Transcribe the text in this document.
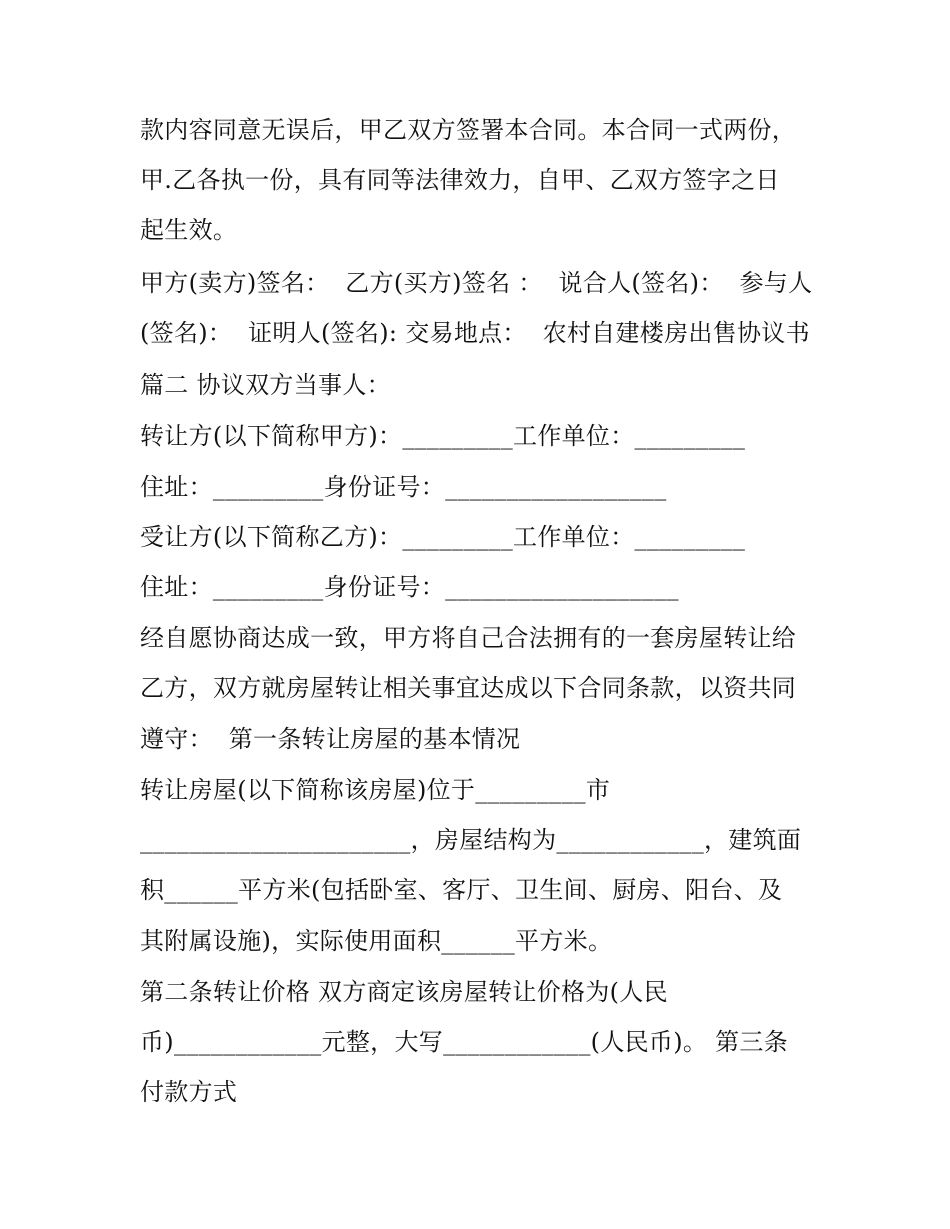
款内容同意无误后，甲乙双方签署本合同。本合同一式两份，

甲.乙各执一份，具有同等法律效力，自甲、乙双方签字之日

起生效。

甲方(卖方)签名：  乙方(买方)签名 ：  说合人(签名)：  参与人

(签名)：  证明人(签名): 交易地点：  农村自建楼房出售协议书

篇二 协议双方当事人：

转让方(以下简称甲方)：_________工作单位：_________

住址：_________身份证号：__________________

受让方(以下简称乙方)：_________工作单位：_________

住址：_________身份证号：___________________

经自愿协商达成一致，甲方将自己合法拥有的一套房屋转让给

乙方，双方就房屋转让相关事宜达成以下合同条款，以资共同

遵守：  第一条转让房屋的基本情况

转让房屋(以下简称该房屋)位于_________市

______________________，房屋结构为____________，建筑面

积______平方米(包括卧室、客厅、卫生间、厨房、阳台、及

其附属设施)，实际使用面积______平方米。

第二条转让价格 双方商定该房屋转让价格为(人民

币)____________元整，大写____________(人民币)。 第三条

付款方式
